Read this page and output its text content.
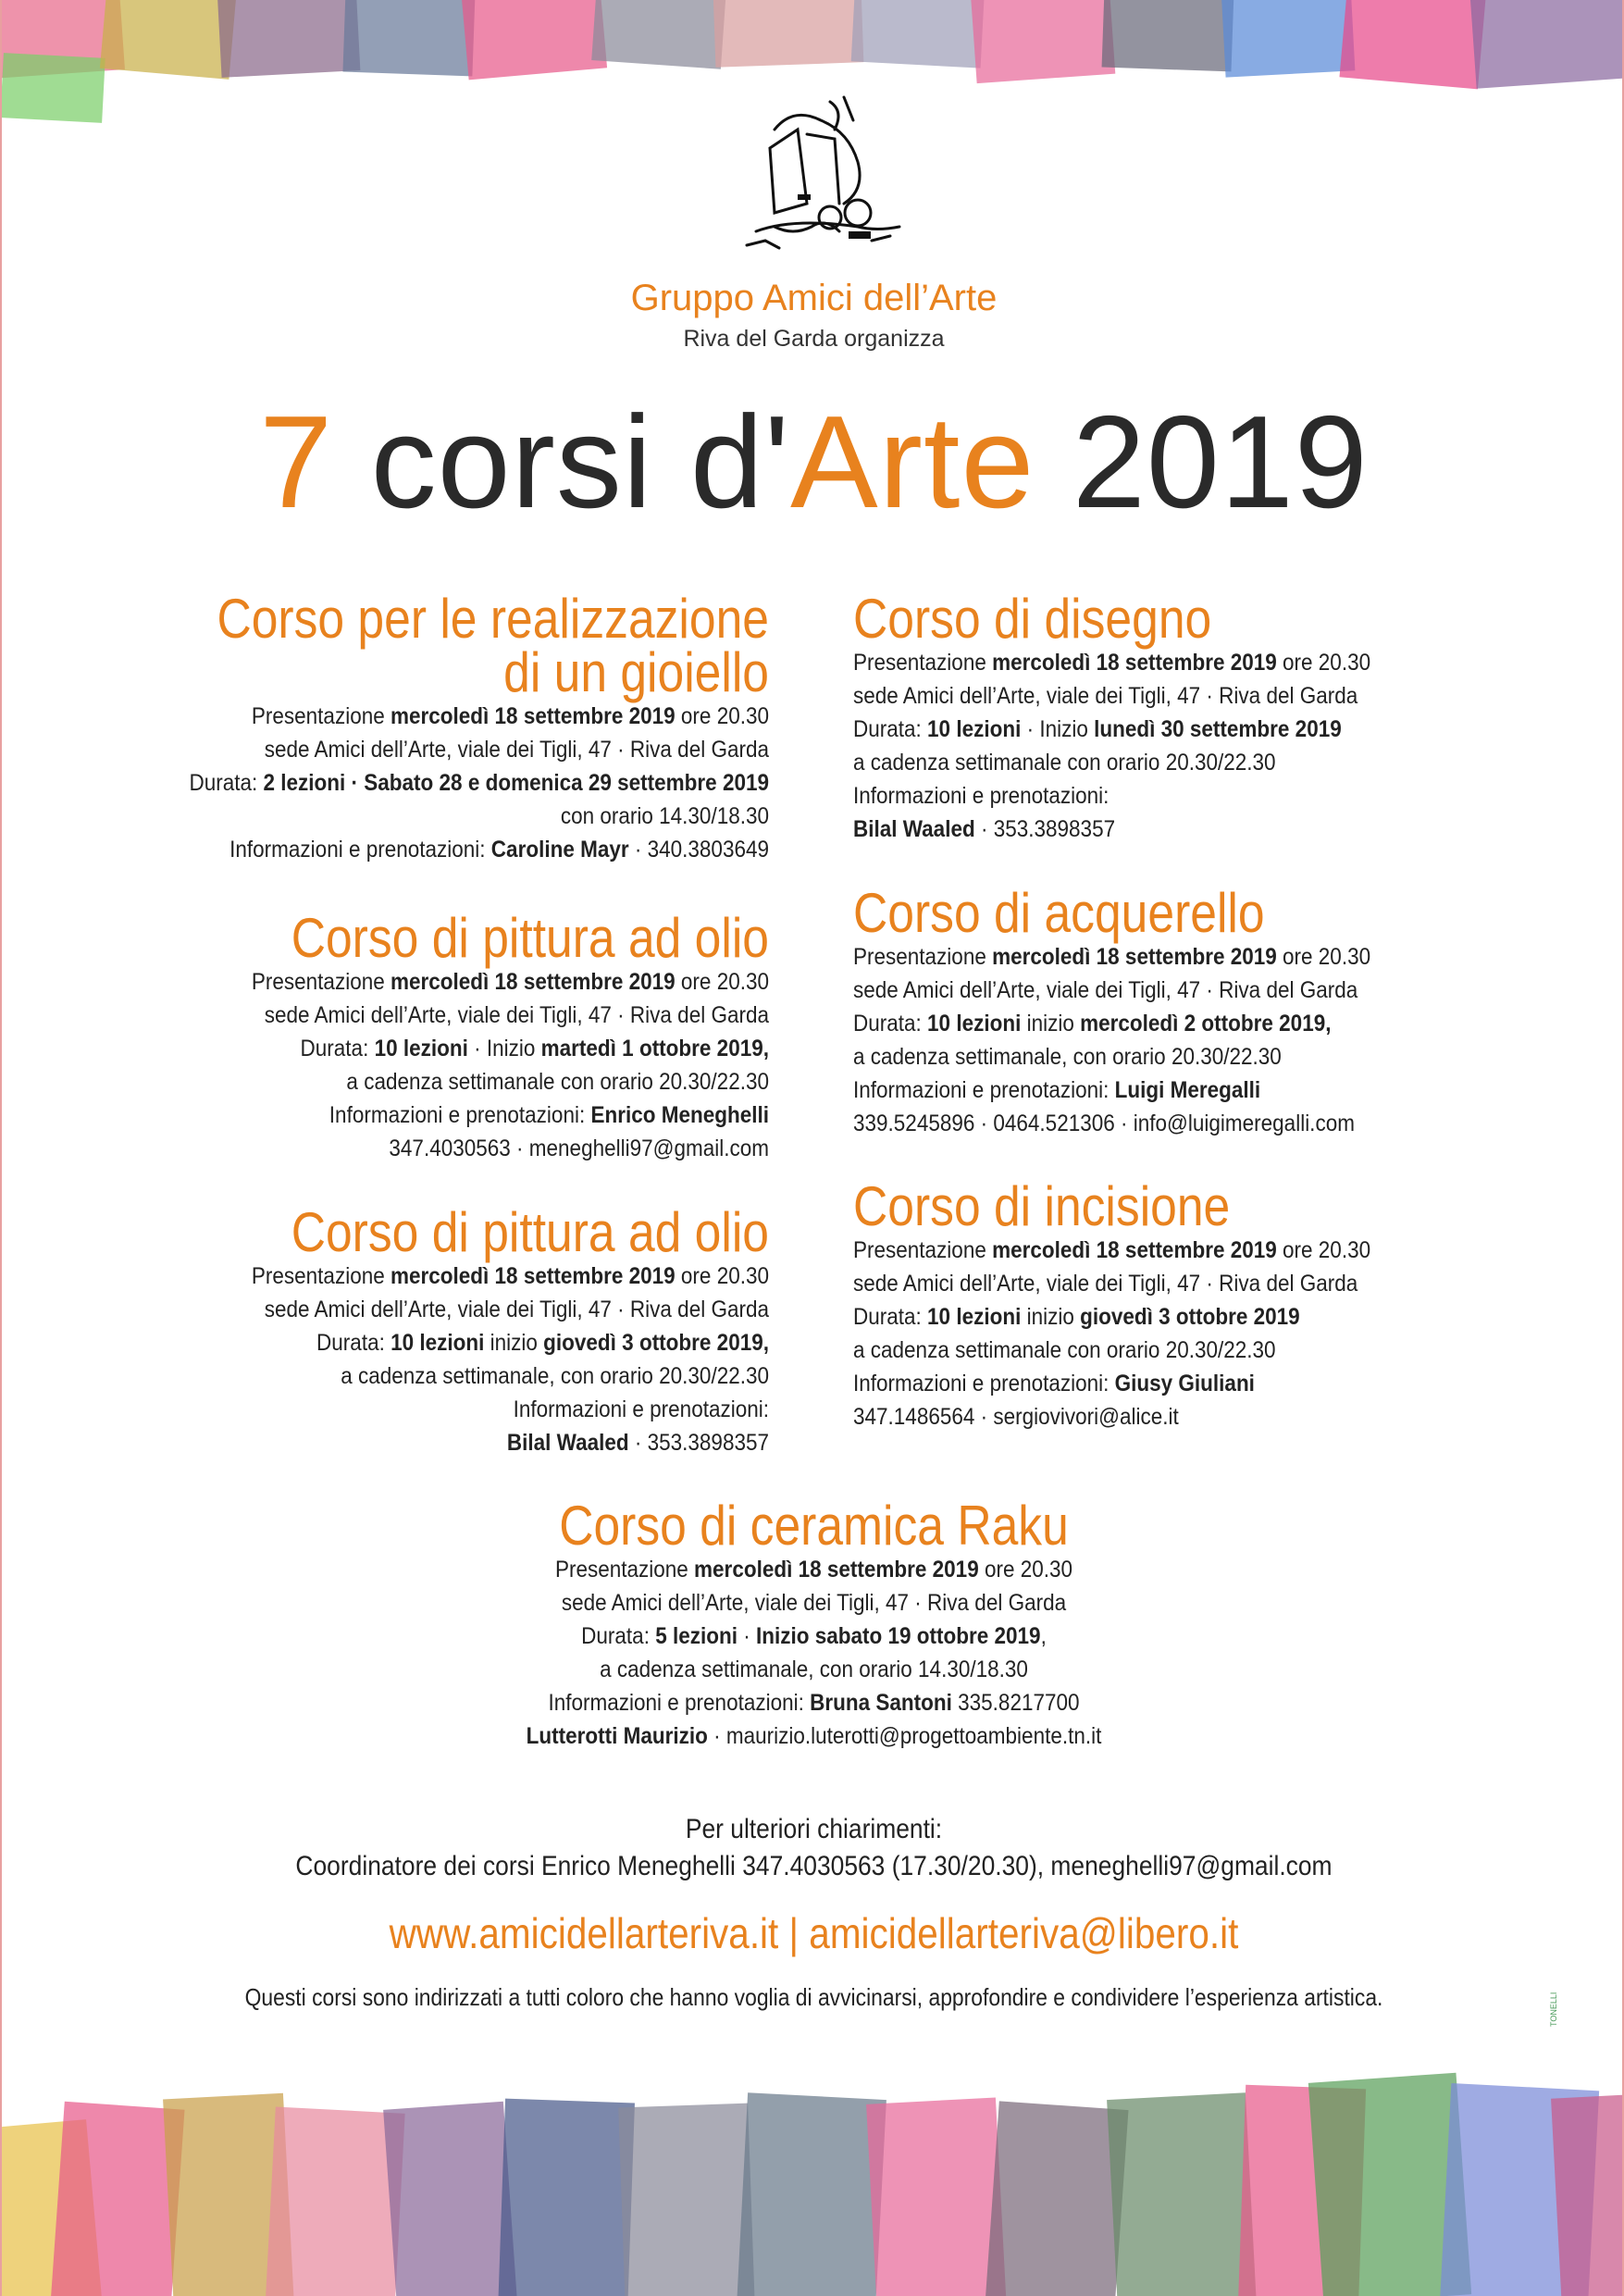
Gruppo Amici dell’Arte
Riva del Garda organizza
7 corsi d'Arte 2019
Corso per le realizzazione
di un gioiello

Presentazione mercoledì 18 settembre 2019 ore 20.30

sede Amici dell’Arte, viale dei Tigli, 47 · Riva del Garda

Durata: 2 lezioni · Sabato 28 e domenica 29 settembre 2019

con orario 14.30/18.30

Informazioni e prenotazioni: Caroline Mayr · 340.3803649

Corso di disegno

Presentazione mercoledì 18 settembre 2019 ore 20.30

sede Amici dell’Arte, viale dei Tigli, 47 · Riva del Garda

Durata: 10 lezioni · Inizio lunedì 30 settembre 2019

a cadenza settimanale con orario 20.30/22.30

Informazioni e prenotazioni:

Bilal Waaled · 353.3898357

Corso di pittura ad olio

Presentazione mercoledì 18 settembre 2019 ore 20.30

sede Amici dell’Arte, viale dei Tigli, 47 · Riva del Garda

Durata: 10 lezioni · Inizio martedì 1 ottobre 2019,

a cadenza settimanale con orario 20.30/22.30

Informazioni e prenotazioni: Enrico Meneghelli

347.4030563 · meneghelli97@gmail.com

Corso di acquerello

Presentazione mercoledì 18 settembre 2019 ore 20.30

sede Amici dell’Arte, viale dei Tigli, 47 · Riva del Garda

Durata: 10 lezioni inizio mercoledì 2 ottobre 2019,

a cadenza settimanale, con orario 20.30/22.30

Informazioni e prenotazioni: Luigi Meregalli

339.5245896 · 0464.521306 · info@luigimeregalli.com

Corso di pittura ad olio

Presentazione mercoledì 18 settembre 2019 ore 20.30

sede Amici dell’Arte, viale dei Tigli, 47 · Riva del Garda

Durata: 10 lezioni inizio giovedì 3 ottobre 2019,

a cadenza settimanale, con orario 20.30/22.30

Informazioni e prenotazioni:

Bilal Waaled · 353.3898357

Corso di incisione

Presentazione mercoledì 18 settembre 2019 ore 20.30

sede Amici dell’Arte, viale dei Tigli, 47 · Riva del Garda

Durata: 10 lezioni inizio giovedì 3 ottobre 2019

a cadenza settimanale con orario 20.30/22.30

Informazioni e prenotazioni: Giusy Giuliani

347.1486564 · sergiovivori@alice.it

Corso di ceramica Raku

Presentazione mercoledì 18 settembre 2019 ore 20.30

sede Amici dell’Arte, viale dei Tigli, 47 · Riva del Garda

Durata: 5 lezioni · Inizio sabato 19 ottobre 2019,

a cadenza settimanale, con orario 14.30/18.30

Informazioni e prenotazioni: Bruna Santoni 335.8217700

Lutterotti Maurizio · maurizio.luterotti@progettoambiente.tn.it

Per ulteriori chiarimenti:
Coordinatore dei corsi Enrico Meneghelli 347.4030563 (17.30/20.30), meneghelli97@gmail.com
www.amicidellarteriva.it | amicidellarteriva@libero.it
Questi corsi sono indirizzati a tutti coloro che hanno voglia di avvicinarsi, approfondire e condividere l’esperienza artistica.	TONELLI
